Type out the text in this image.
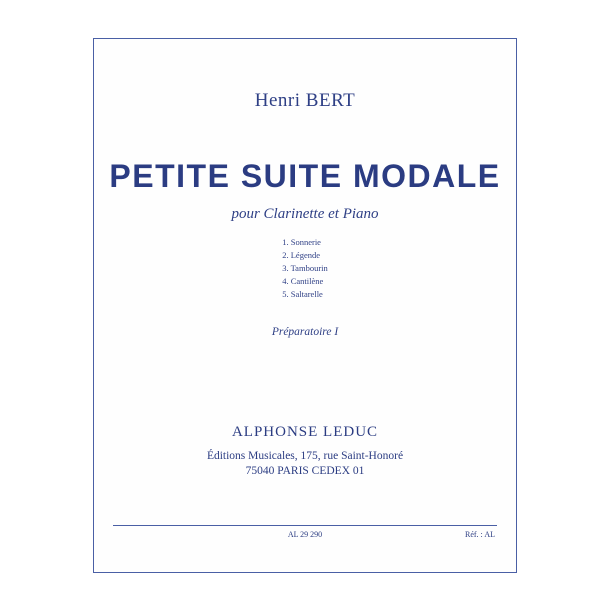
Henri BERT
PETITE SUITE MODALE
pour Clarinette et Piano
1. Sonnerie
2. Légende
3. Tambourin
4. Cantilène
5. Saltarelle
Préparatoire I
ALPHONSE LEDUC
Éditions Musicales, 175, rue Saint-Honoré
75040 PARIS CEDEX 01
AL 29 290	Réf. : AL
